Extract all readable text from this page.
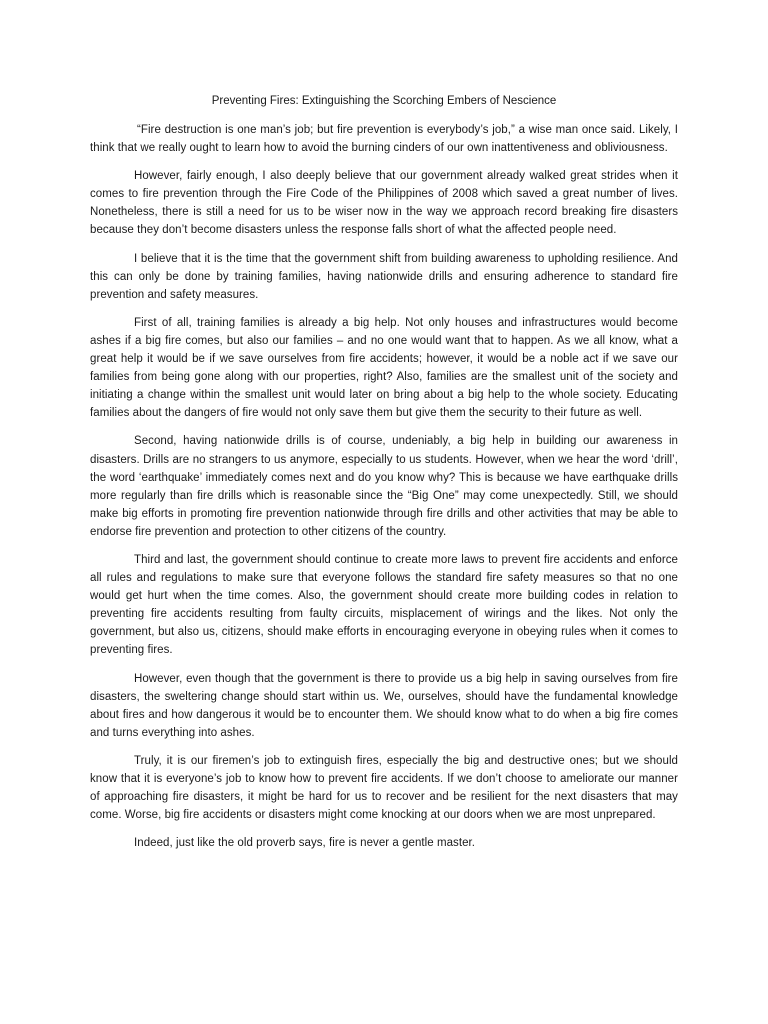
Preventing Fires: Extinguishing the Scorching Embers of Nescience

“Fire destruction is one man’s job; but fire prevention is everybody’s job,” a wise man once said. Likely, I think that we really ought to learn how to avoid the burning cinders of our own inattentiveness and obliviousness.

However, fairly enough, I also deeply believe that our government already walked great strides when it comes to fire prevention through the Fire Code of the Philippines of 2008 which saved a great number of lives. Nonetheless, there is still a need for us to be wiser now in the way we approach record breaking fire disasters because they don’t become disasters unless the response falls short of what the affected people need.

I believe that it is the time that the government shift from building awareness to upholding resilience. And this can only be done by training families, having nationwide drills and ensuring adherence to standard fire prevention and safety measures.

First of all, training families is already a big help. Not only houses and infrastructures would become ashes if a big fire comes, but also our families – and no one would want that to happen. As we all know, what a great help it would be if we save ourselves from fire accidents; however, it would be a noble act if we save our families from being gone along with our properties, right? Also, families are the smallest unit of the society and initiating a change within the smallest unit would later on bring about a big help to the whole society. Educating families about the dangers of fire would not only save them but give them the security to their future as well.

Second, having nationwide drills is of course, undeniably, a big help in building our awareness in disasters. Drills are no strangers to us anymore, especially to us students. However, when we hear the word ‘drill’, the word ‘earthquake’ immediately comes next and do you know why? This is because we have earthquake drills more regularly than fire drills which is reasonable since the “Big One” may come unexpectedly. Still, we should make big efforts in promoting fire prevention nationwide through fire drills and other activities that may be able to endorse fire prevention and protection to other citizens of the country.

Third and last, the government should continue to create more laws to prevent fire accidents and enforce all rules and regulations to make sure that everyone follows the standard fire safety measures so that no one would get hurt when the time comes. Also, the government should create more building codes in relation to preventing fire accidents resulting from faulty circuits, misplacement of wirings and the likes. Not only the government, but also us, citizens, should make efforts in encouraging everyone in obeying rules when it comes to preventing fires.

However, even though that the government is there to provide us a big help in saving ourselves from fire disasters, the sweltering change should start within us. We, ourselves, should have the fundamental knowledge about fires and how dangerous it would be to encounter them. We should know what to do when a big fire comes and turns everything into ashes.

Truly, it is our firemen’s job to extinguish fires, especially the big and destructive ones; but we should know that it is everyone’s job to know how to prevent fire accidents. If we don’t choose to ameliorate our manner of approaching fire disasters, it might be hard for us to recover and be resilient for the next disasters that may come. Worse, big fire accidents or disasters might come knocking at our doors when we are most unprepared.

Indeed, just like the old proverb says, fire is never a gentle master.
